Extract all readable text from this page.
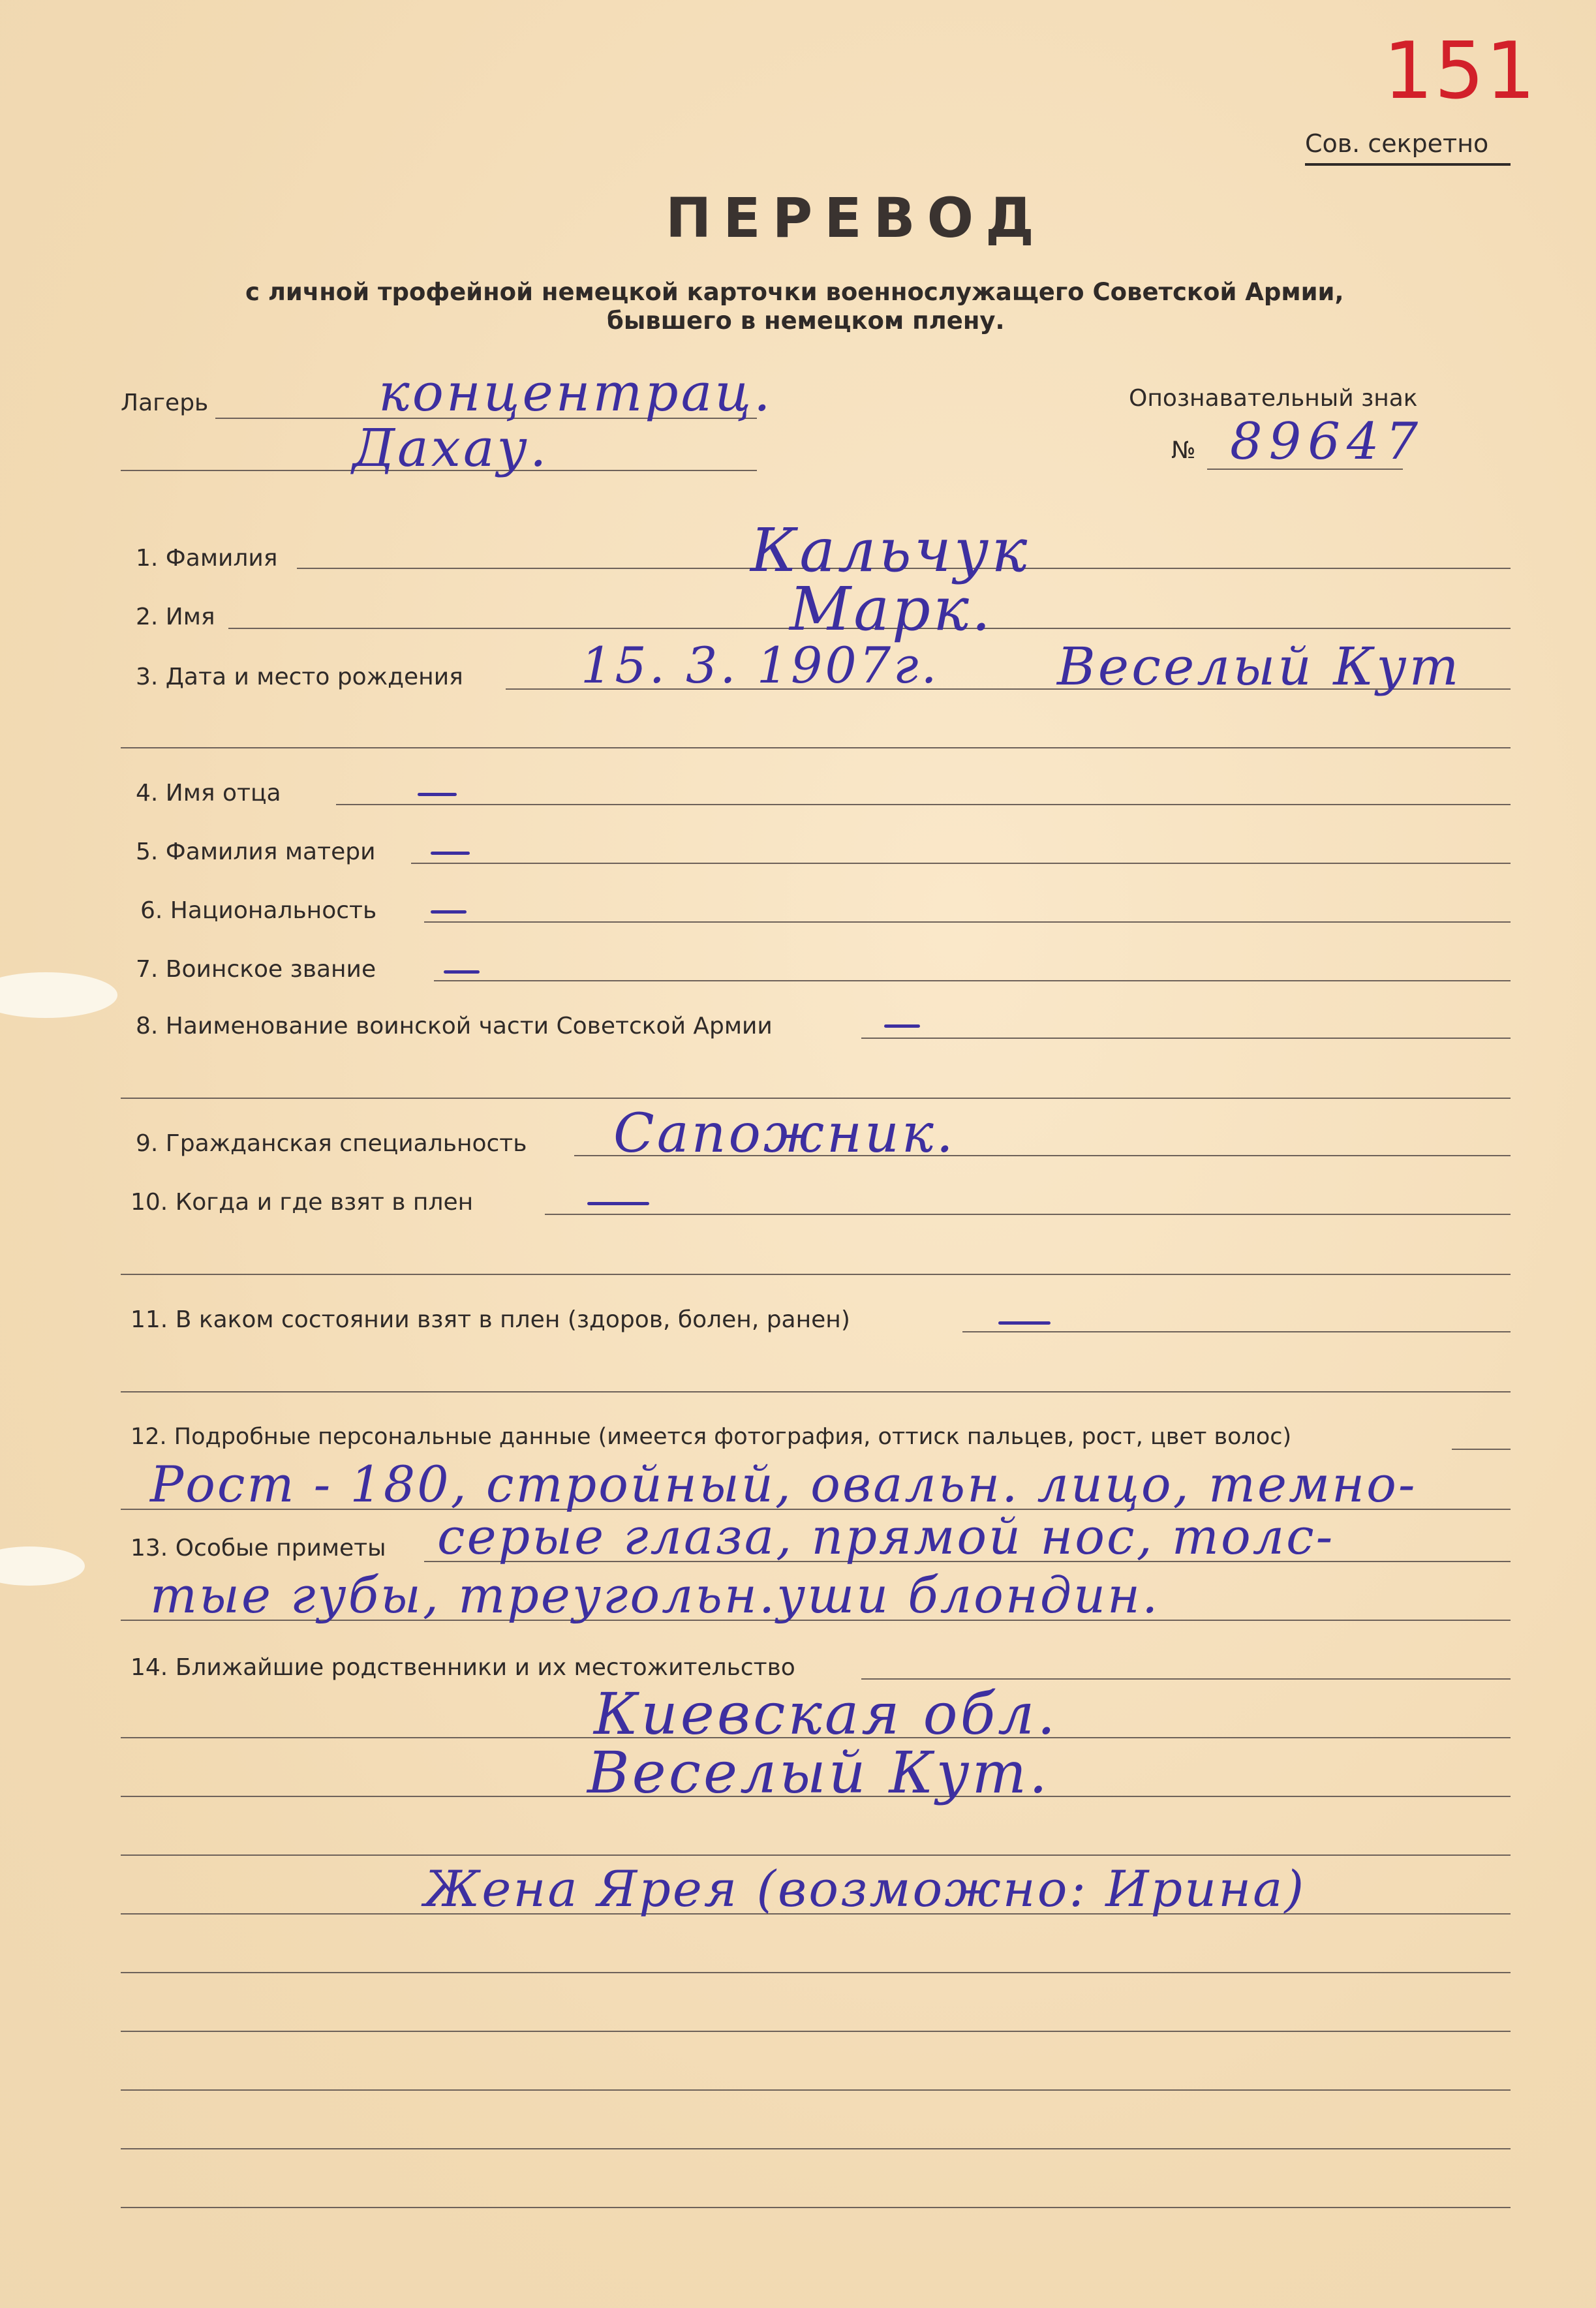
151
Сов. секретно
ПЕРЕВОД
с личной трофейной немецкой карточки военнослужащего Советской Армии,
бывшего в немецком плену.
Лагерь	концентрац.
Дахау.
Опознавательный знак
№ 89647
1. Фамилия	Кальчук
2. Имя	Марк.
3. Дата и место рождения 15. 3. 1907г. Веселый Кут
4. Имя отца
5. Фамилия матери
6. Национальность
7. Воинское звание
8. Наименование воинской части Советской Армии
9. Гражданская специальность Сапожник.
10. Когда и где взят в плен
11. В каком состоянии взят в плен (здоров, болен, ранен)
12. Подробные персональные данные (имеется фотография, оттиск пальцев, рост, цвет волос)
Рост - 180, стройный, овальн. лицо, темно-
13. Особые приметы серые глаза, прямой нос, толс-
тые губы, треугольн.уши блондин.
14. Ближайшие родственники и их местожительство
Киевская обл.
Веселый Кут.
Жена Ярея (возможно: Ирина)
